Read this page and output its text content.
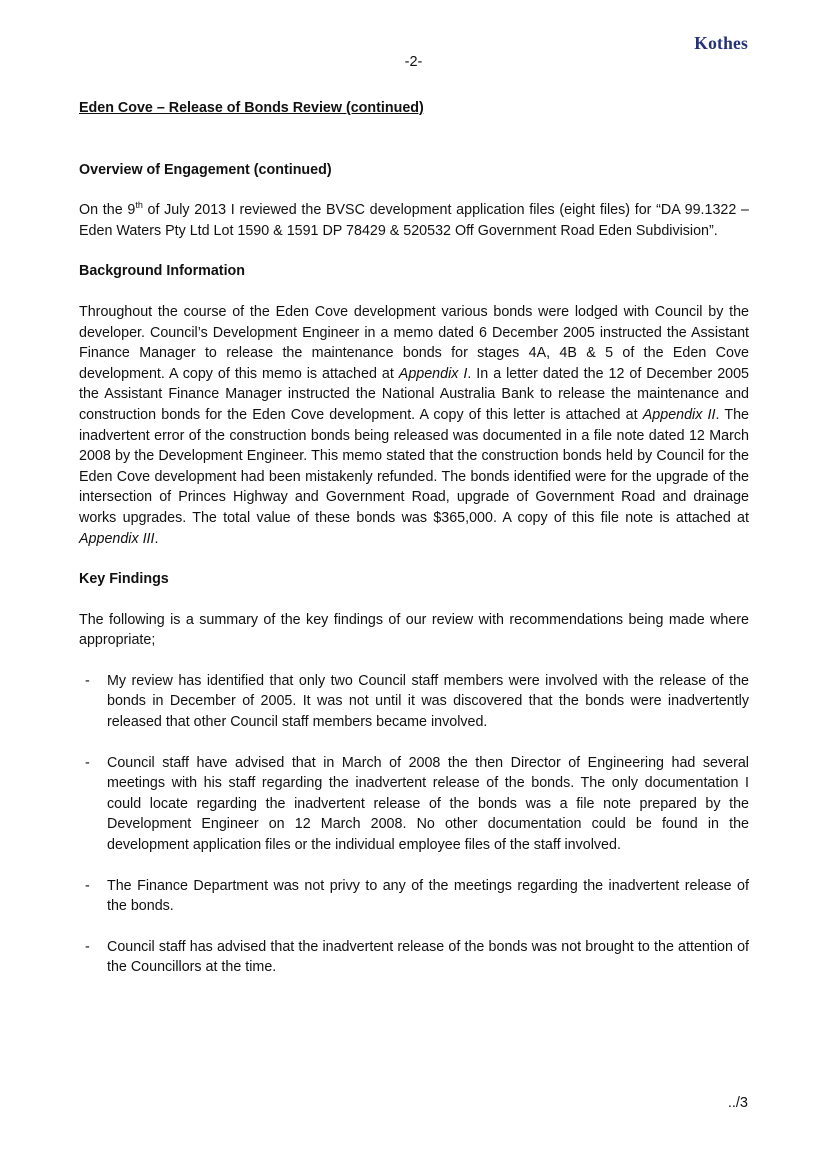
Kothes
-2-

Eden Cove – Release of Bonds Review (continued)

Overview of Engagement (continued)

On the 9th of July 2013 I reviewed the BVSC development application files (eight files) for “DA 99.1322 – Eden Waters Pty Ltd Lot 1590 & 1591 DP 78429 & 520532 Off Government Road Eden Subdivision”.

Background Information

Throughout the course of the Eden Cove development various bonds were lodged with Council by the developer. Council’s Development Engineer in a memo dated 6 December 2005 instructed the Assistant Finance Manager to release the maintenance bonds for stages 4A, 4B & 5 of the Eden Cove development. A copy of this memo is attached at Appendix I. In a letter dated the 12 of December 2005 the Assistant Finance Manager instructed the National Australia Bank to release the maintenance and construction bonds for the Eden Cove development. A copy of this letter is attached at Appendix II. The inadvertent error of the construction bonds being released was documented in a file note dated 12 March 2008 by the Development Engineer. This memo stated that the construction bonds held by Council for the Eden Cove development had been mistakenly refunded. The bonds identified were for the upgrade of the intersection of Princes Highway and Government Road, upgrade of Government Road and drainage works upgrades. The total value of these bonds was $365,000. A copy of this file note is attached at Appendix III.

Key Findings

The following is a summary of the key findings of our review with recommendations being made where appropriate;

- My review has identified that only two Council staff members were involved with the release of the bonds in December of 2005. It was not until it was discovered that the bonds were inadvertently released that other Council staff members became involved.
- Council staff have advised that in March of 2008 the then Director of Engineering had several meetings with his staff regarding the inadvertent release of the bonds. The only documentation I could locate regarding the inadvertent release of the bonds was a file note prepared by the Development Engineer on 12 March 2008. No other documentation could be found in the development application files or the individual employee files of the staff involved.
- The Finance Department was not privy to any of the meetings regarding the inadvertent release of the bonds.
- Council staff has advised that the inadvertent release of the bonds was not brought to the attention of the Councillors at the time.
../3
